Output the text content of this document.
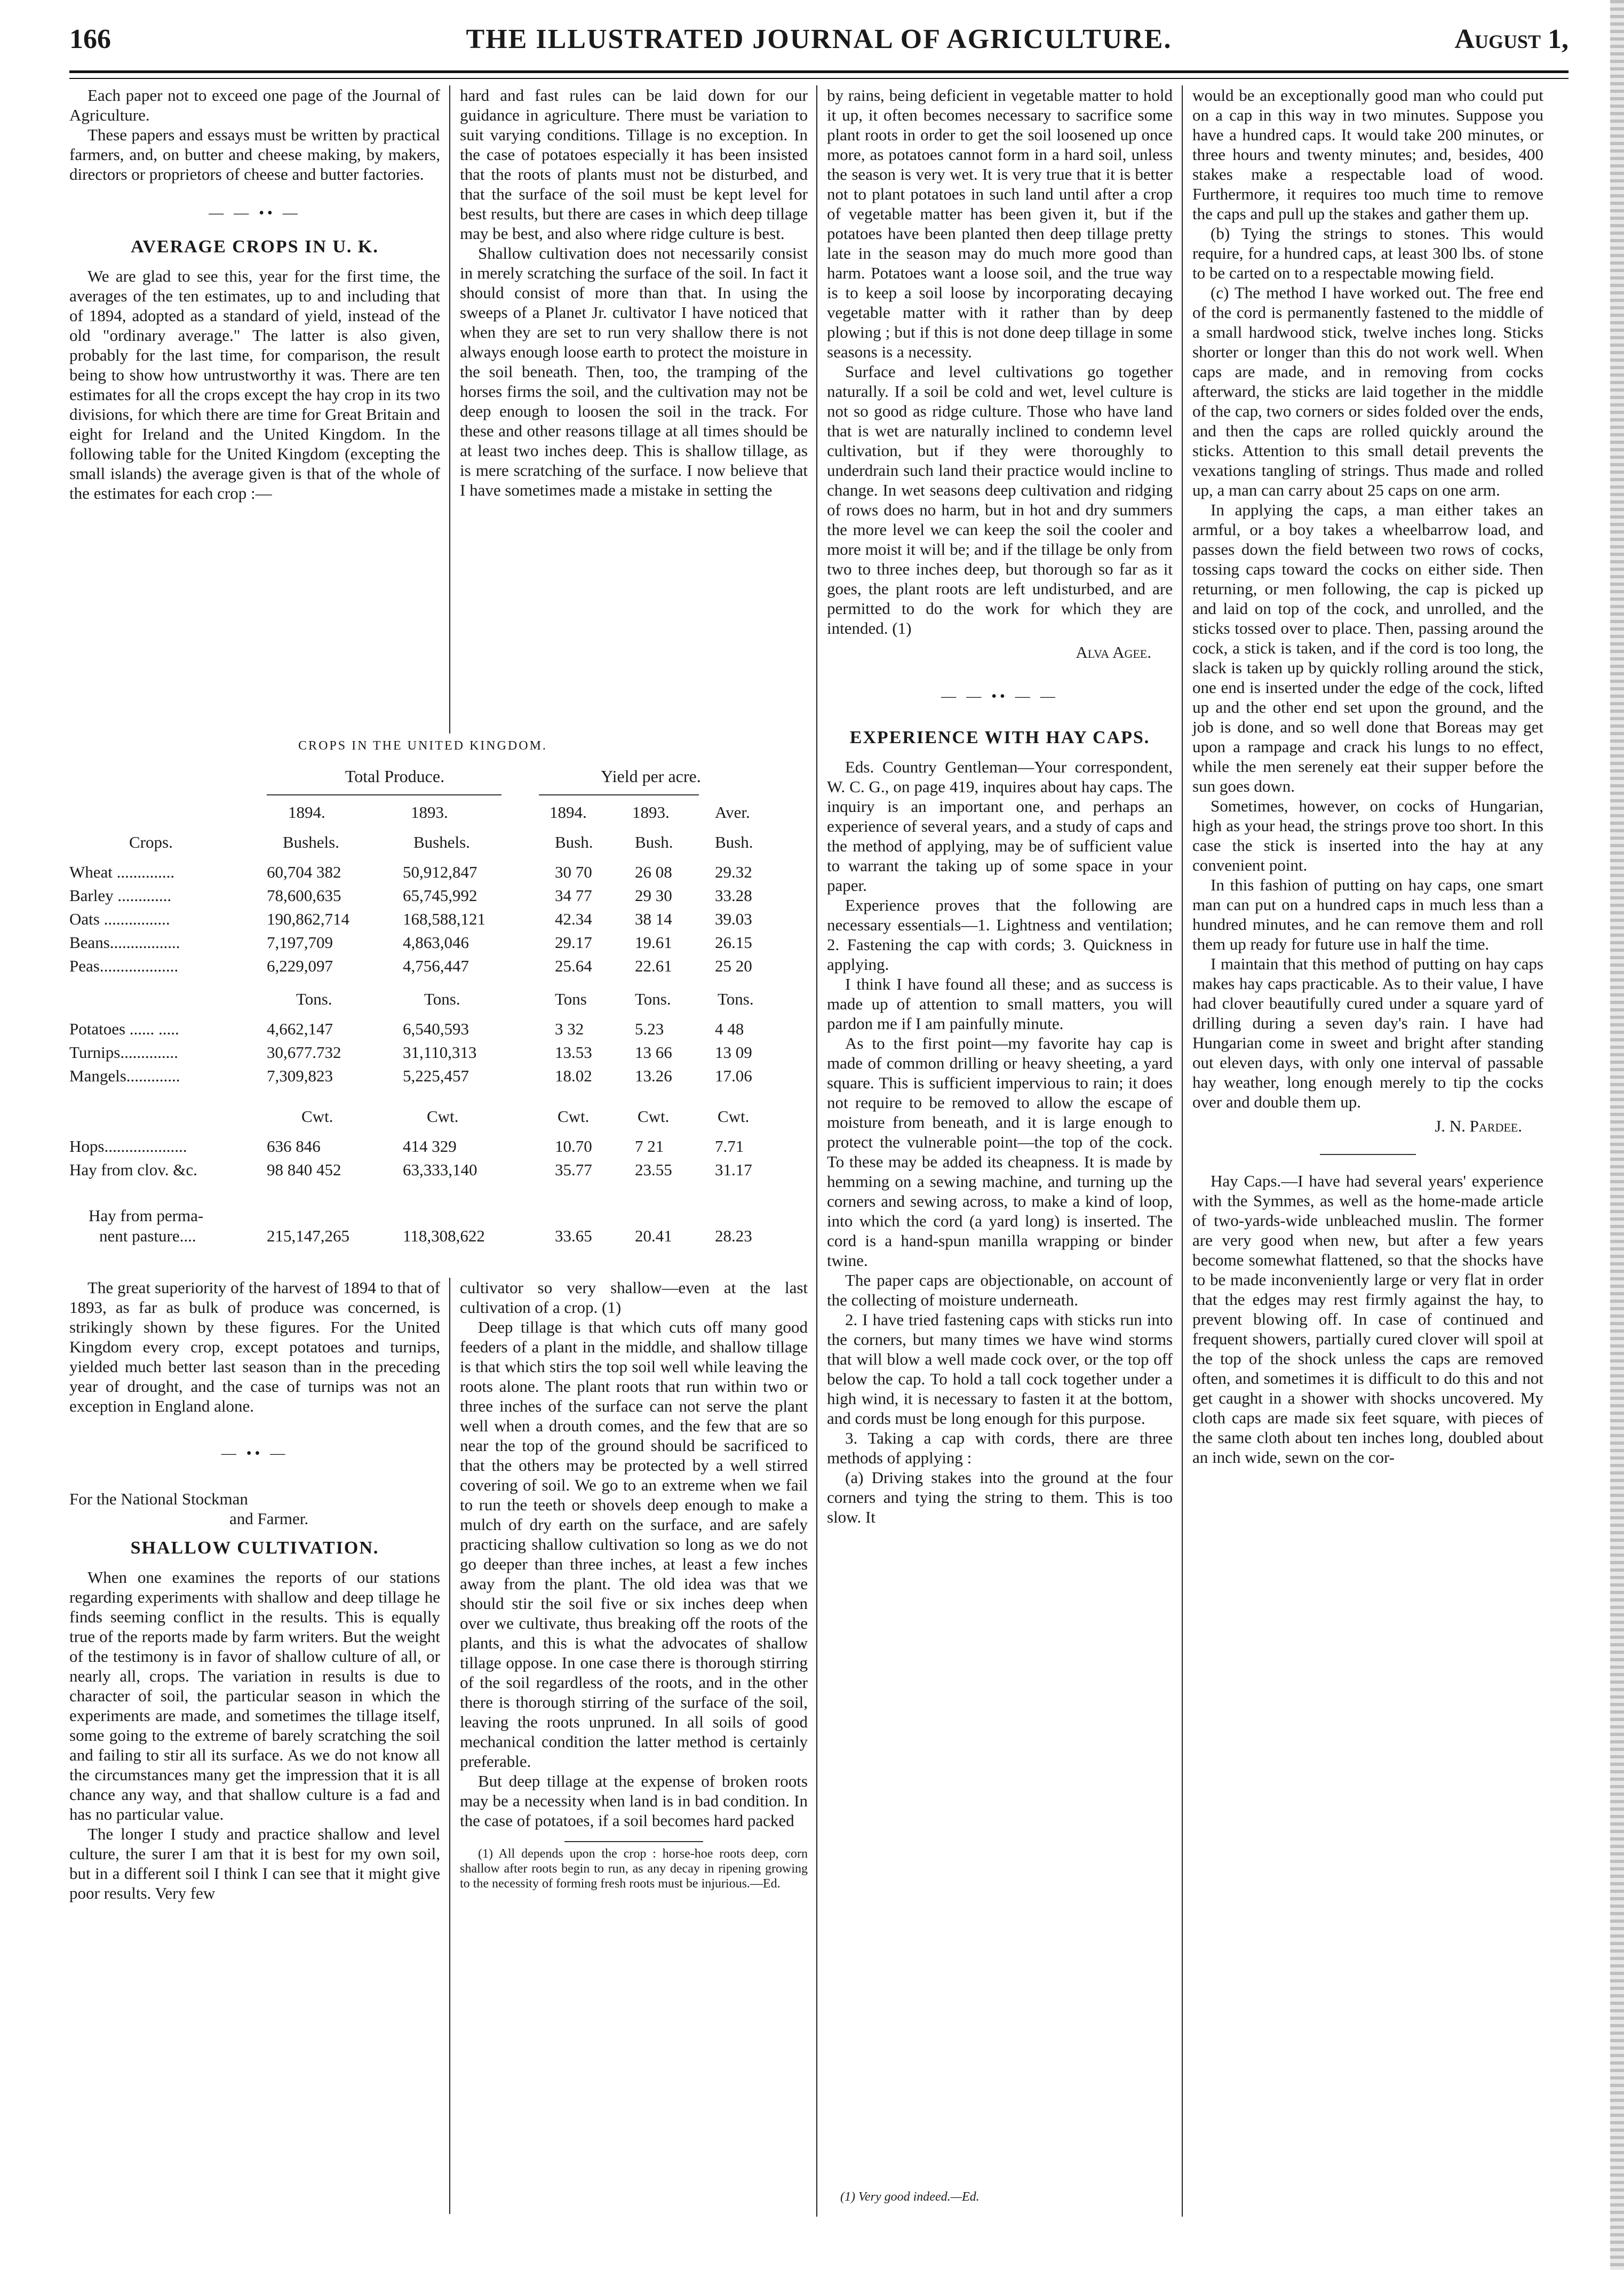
166	THE ILLUSTRATED JOURNAL OF AGRICULTURE.	August 1,

Each paper not to exceed one page of the Journal of Agriculture.

These papers and essays must be written by practical farmers, and, on butter and cheese making, by makers, directors or proprietors of cheese and butter factories.

— — •• —
AVERAGE CROPS IN U. K.

We are glad to see this, year for the first time, the averages of the ten estimates, up to and including that of 1894, adopted as a standard of yield, instead of the old "ordinary average." The latter is also given, probably for the last time, for comparison, the result being to show how untrustworthy it was. There are ten estimates for all the crops except the hay crop in its two divisions, for which there are time for Great Britain and eight for Ireland and the United Kingdom. In the following table for the United Kingdom (excepting the small islands) the average given is that of the whole of the estimates for each crop :—

hard and fast rules can be laid down for our guidance in agriculture. There must be variation to suit varying conditions. Tillage is no exception. In the case of potatoes especially it has been insisted that the roots of plants must not be disturbed, and that the surface of the soil must be kept level for best results, but there are cases in which deep tillage may be best, and also where ridge culture is best.

Shallow cultivation does not necessarily consist in merely scratching the surface of the soil. In fact it should consist of more than that. In using the sweeps of a Planet Jr. cultivator I have noticed that when they are set to run very shallow there is not always enough loose earth to protect the moisture in the soil beneath. Then, too, the tramping of the horses firms the soil, and the cultivation may not be deep enough to loosen the soil in the track. For these and other reasons tillage at all times should be at least two inches deep. This is shallow tillage, as is mere scratching of the surface. I now believe that I have sometimes made a mistake in setting the

CROPS IN THE UNITED KINGDOM.
Total Produce.	Yield per acre.
1894.	1893.	1894.	1893.	Aver.
Crops.	Bushels.	Bushels.	Bush.	Bush.	Bush.
Wheat ..............	60,704 382	50,912,847	30 70	26 08	29.32
Barley .............	78,600,635	65,745,992	34 77	29 30	33.28
Oats ................	190,862,714	168,588,121	42.34	38 14	39.03
Beans.................	7,197,709	4,863,046	29.17	19.61	26.15
Peas...................	6,229,097	4,756,447	25.64	22.61	25 20
Tons.	Tons.	Tons	Tons.	Tons.
Potatoes ...... .....	4,662,147	6,540,593	3 32	5.23	4 48
Turnips..............	30,677.732	31,110,313	13.53	13 66	13 09
Mangels.............	7,309,823	5,225,457	18.02	13.26	17.06
Cwt.	Cwt.	Cwt.	Cwt.	Cwt.
Hops....................	636 846	414 329	10.70	7 21	7.71
Hay from clov. &c.	98 840 452	63,333,140	35.77	23.55	31.17
Hay from perma-
nent pasture....	215,147,265	118,308,622	33.65	20.41	28.23

The great superiority of the harvest of 1894 to that of 1893, as far as bulk of produce was concerned, is strikingly shown by these figures. For the United Kingdom every crop, except potatoes and turnips, yielded much better last season than in the preceding year of drought, and the case of turnips was not an exception in England alone.

— •• —

For the National Stockman

and Farmer.

SHALLOW CULTIVATION.

When one examines the reports of our stations regarding experiments with shallow and deep tillage he finds seeming conflict in the results. This is equally true of the reports made by farm writers. But the weight of the testimony is in favor of shallow culture of all, or nearly all, crops. The variation in results is due to character of soil, the particular season in which the experiments are made, and sometimes the tillage itself, some going to the extreme of barely scratching the soil and failing to stir all its surface. As we do not know all the circumstances many get the impression that it is all chance any way, and that shallow culture is a fad and has no particular value.

The longer I study and practice shallow and level culture, the surer I am that it is best for my own soil, but in a different soil I think I can see that it might give poor results. Very few

cultivator so very shallow—even at the last cultivation of a crop. (1)

Deep tillage is that which cuts off many good feeders of a plant in the middle, and shallow tillage is that which stirs the top soil well while leaving the roots alone. The plant roots that run within two or three inches of the surface can not serve the plant well when a drouth comes, and the few that are so near the top of the ground should be sacrificed to that the others may be protected by a well stirred covering of soil. We go to an extreme when we fail to run the teeth or shovels deep enough to make a mulch of dry earth on the surface, and are safely practicing shallow cultivation so long as we do not go deeper than three inches, at least a few inches away from the plant. The old idea was that we should stir the soil five or six inches deep when over we cultivate, thus breaking off the roots of the plants, and this is what the advocates of shallow tillage oppose. In one case there is thorough stirring of the soil regardless of the roots, and in the other there is thorough stirring of the surface of the soil, leaving the roots unpruned. In all soils of good mechanical condition the latter method is certainly preferable.

But deep tillage at the expense of broken roots may be a necessity when land is in bad condition. In the case of potatoes, if a soil becomes hard packed

(1) All depends upon the crop : horse-hoe roots deep, corn shallow after roots begin to run, as any decay in ripening growing to the necessity of forming fresh roots must be injurious.—Ed.

by rains, being deficient in vegetable matter to hold it up, it often becomes necessary to sacrifice some plant roots in order to get the soil loosened up once more, as potatoes cannot form in a hard soil, unless the season is very wet. It is very true that it is better not to plant potatoes in such land until after a crop of vegetable matter has been given it, but if the potatoes have been planted then deep tillage pretty late in the season may do much more good than harm. Potatoes want a loose soil, and the true way is to keep a soil loose by incorporating decaying vegetable matter with it rather than by deep plowing ; but if this is not done deep tillage in some seasons is a necessity.

Surface and level cultivations go together naturally. If a soil be cold and wet, level culture is not so good as ridge culture. Those who have land that is wet are naturally inclined to condemn level cultivation, but if they were thoroughly to underdrain such land their practice would incline to change. In wet seasons deep cultivation and ridging of rows does no harm, but in hot and dry summers the more level we can keep the soil the cooler and more moist it will be; and if the tillage be only from two to three inches deep, but thorough so far as it goes, the plant roots are left undisturbed, and are permitted to do the work for which they are intended. (1)

Alva Agee.
— — •• — —
EXPERIENCE WITH HAY CAPS.

Eds. Country Gentleman—Your correspondent, W. C. G., on page 419, inquires about hay caps. The inquiry is an important one, and perhaps an experience of several years, and a study of caps and the method of applying, may be of sufficient value to warrant the taking up of some space in your paper.

Experience proves that the following are necessary essentials—1. Lightness and ventilation; 2. Fastening the cap with cords; 3. Quickness in applying.

I think I have found all these; and as success is made up of attention to small matters, you will pardon me if I am painfully minute.

As to the first point—my favorite hay cap is made of common drilling or heavy sheeting, a yard square. This is sufficient impervious to rain; it does not require to be removed to allow the escape of moisture from beneath, and it is large enough to protect the vulnerable point—the top of the cock. To these may be added its cheapness. It is made by hemming on a sewing machine, and turning up the corners and sewing across, to make a kind of loop, into which the cord (a yard long) is inserted. The cord is a hand-spun manilla wrapping or binder twine.

The paper caps are objectionable, on account of the collecting of moisture underneath.

2. I have tried fastening caps with sticks run into the corners, but many times we have wind storms that will blow a well made cock over, or the top off below the cap. To hold a tall cock together under a high wind, it is necessary to fasten it at the bottom, and cords must be long enough for this purpose.

3. Taking a cap with cords, there are three methods of applying :

(a) Driving stakes into the ground at the four corners and tying the string to them. This is too slow. It

(1) Very good indeed.—Ed.

would be an exceptionally good man who could put on a cap in this way in two minutes. Suppose you have a hundred caps. It would take 200 minutes, or three hours and twenty minutes; and, besides, 400 stakes make a respectable load of wood. Furthermore, it requires too much time to remove the caps and pull up the stakes and gather them up.

(b) Tying the strings to stones. This would require, for a hundred caps, at least 300 lbs. of stone to be carted on to a respectable mowing field.

(c) The method I have worked out. The free end of the cord is permanently fastened to the middle of a small hardwood stick, twelve inches long. Sticks shorter or longer than this do not work well. When caps are made, and in removing from cocks afterward, the sticks are laid together in the middle of the cap, two corners or sides folded over the ends, and then the caps are rolled quickly around the sticks. Attention to this small detail prevents the vexations tangling of strings. Thus made and rolled up, a man can carry about 25 caps on one arm.

In applying the caps, a man either takes an armful, or a boy takes a wheelbarrow load, and passes down the field between two rows of cocks, tossing caps toward the cocks on either side. Then returning, or men following, the cap is picked up and laid on top of the cock, and unrolled, and the sticks tossed over to place. Then, passing around the cock, a stick is taken, and if the cord is too long, the slack is taken up by quickly rolling around the stick, one end is inserted under the edge of the cock, lifted up and the other end set upon the ground, and the job is done, and so well done that Boreas may get upon a rampage and crack his lungs to no effect, while the men serenely eat their supper before the sun goes down.

Sometimes, however, on cocks of Hungarian, high as your head, the strings prove too short. In this case the stick is inserted into the hay at any convenient point.

In this fashion of putting on hay caps, one smart man can put on a hundred caps in much less than a hundred minutes, and he can remove them and roll them up ready for future use in half the time.

I maintain that this method of putting on hay caps makes hay caps practicable. As to their value, I have had clover beautifully cured under a square yard of drilling during a seven day's rain. I have had Hungarian come in sweet and bright after standing out eleven days, with only one interval of passable hay weather, long enough merely to tip the cocks over and double them up.

J. N. Pardee.

Hay Caps.—I have had several years' experience with the Symmes, as well as the home-made article of two-yards-wide unbleached muslin. The former are very good when new, but after a few years become somewhat flattened, so that the shocks have to be made inconveniently large or very flat in order that the edges may rest firmly against the hay, to prevent blowing off. In case of continued and frequent showers, partially cured clover will spoil at the top of the shock unless the caps are removed often, and sometimes it is difficult to do this and not get caught in a shower with shocks uncovered. My cloth caps are made six feet square, with pieces of the same cloth about ten inches long, doubled about an inch wide, sewn on the cor-
